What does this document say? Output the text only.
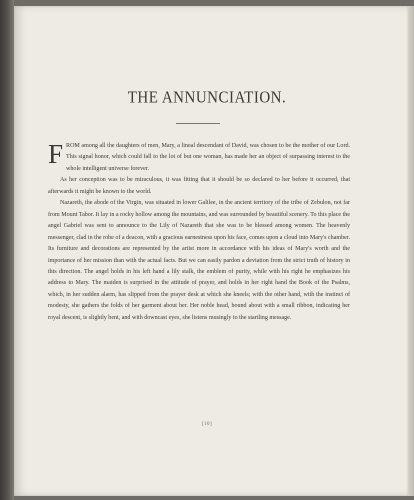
THE ANNUNCIATION.

FROM among all the daughters of men, Mary, a lineal descendant of David, was chosen to be the mother of our Lord. This signal honor, which could fall to the lot of but one woman, has made her an object of surpassing interest to the whole intelligent universe forever.

As her conception was to be miraculous, it was fitting that it should be so declared to her before it occurred, that afterwards it might be known to the world.

Nazareth, the abode of the Virgin, was situated in lower Galilee, in the ancient territory of the tribe of Zebulon, not far from Mount Tabor. It lay in a rocky hollow among the mountains, and was surrounded by beautiful scenery. To this place the angel Gabriel was sent to announce to the Lily of Nazareth that she was to be blessed among women. The heavenly messenger, clad in the robe of a deacon, with a gracious earnestness upon his face, comes upon a cloud into Mary's chamber. Its furniture and decorations are represented by the artist more in accordance with his ideas of Mary's worth and the importance of her mission than with the actual facts. But we can easily pardon a deviation from the strict truth of history in this direction. The angel holds in his left hand a lily stalk, the emblem of purity, while with his right he emphasizes his address to Mary. The maiden is surprised in the attitude of prayer, and holds in her right hand the Book of the Psalms, which, in her sudden alarm, has slipped from the prayer desk at which she kneels; with the other hand, with the instinct of modesty, she gathers the folds of her garment about her. Her noble head, bound about with a small ribbon, indicating her royal descent, is slightly bent, and with downcast eyes, she listens musingly to the startling message.

[10]
